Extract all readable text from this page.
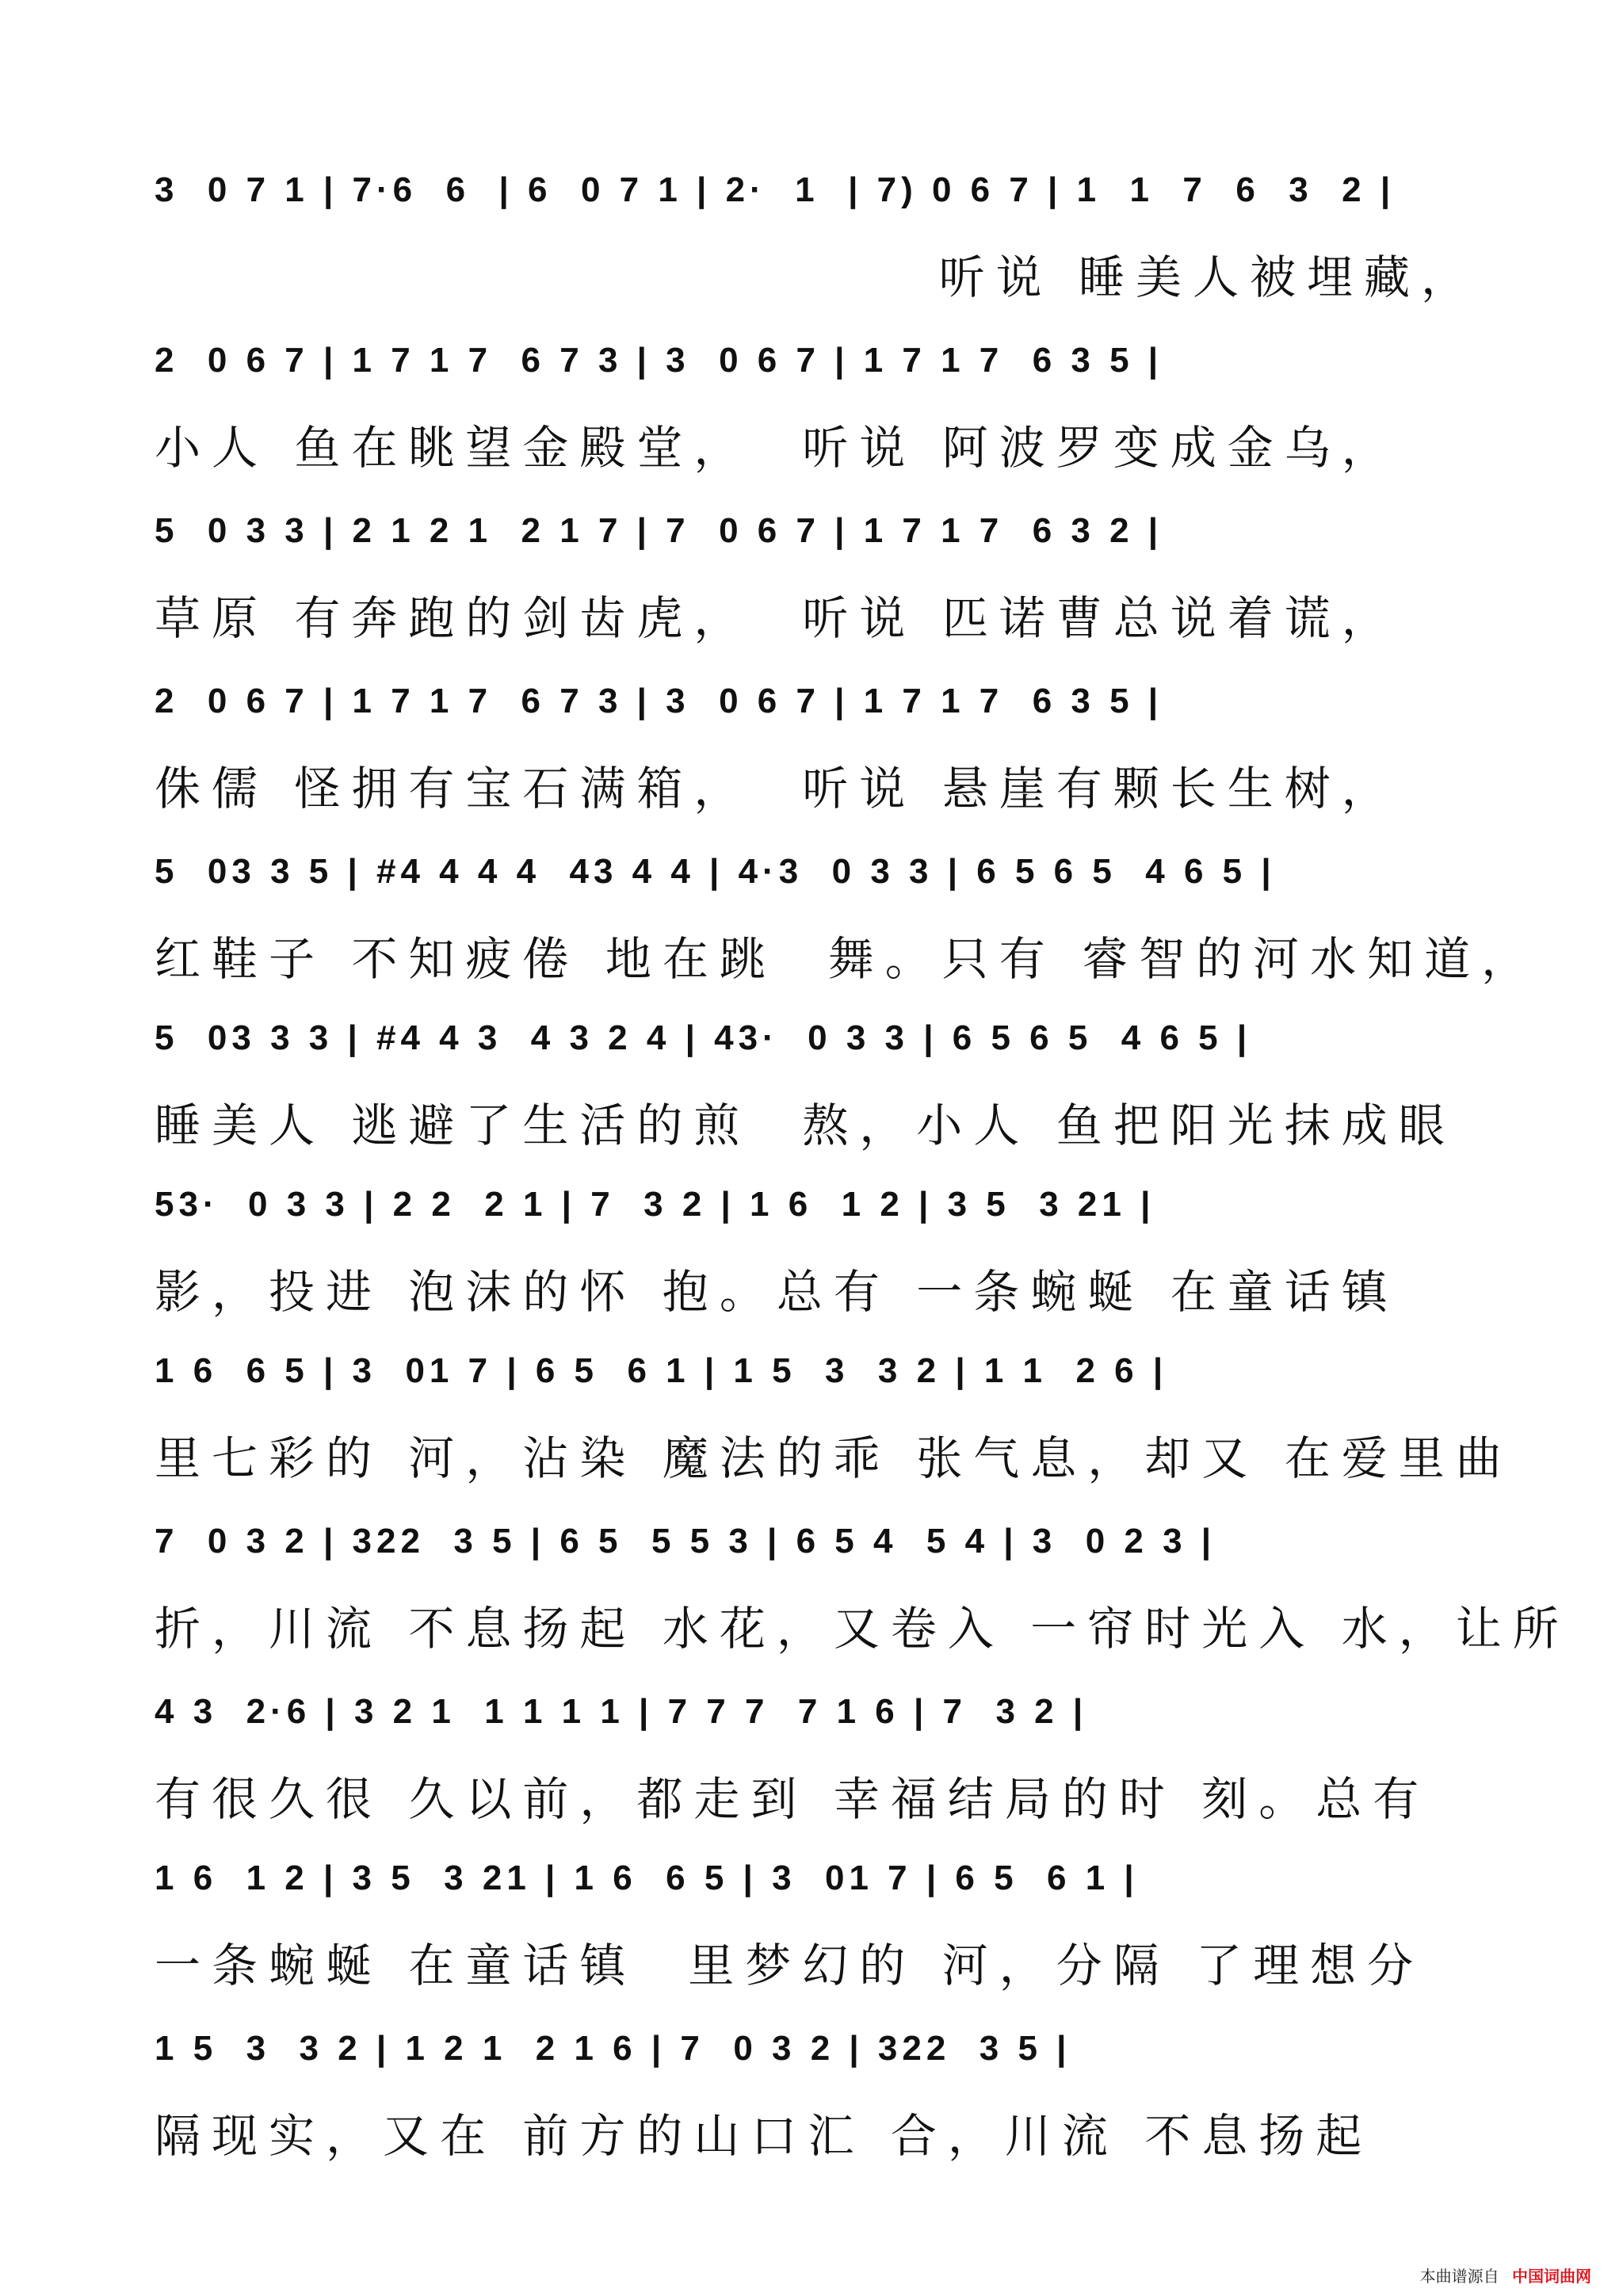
3  0 7 1 | 7·6  6  | 6  0 7 1 | 2·  1  | 7) 0 6 7 | 1  1  7  6  3  2 |
听说 睡美人被埋藏，
2  0 6 7 | 1 7 1 7  6 7 3 | 3  0 6 7 | 1 7 1 7  6 3 5 |
小人 鱼在眺望金殿堂，  听说 阿波罗变成金乌，
5  0 3 3 | 2 1 2 1  2 1 7 | 7  0 6 7 | 1 7 1 7  6 3 2 |
草原 有奔跑的剑齿虎，  听说 匹诺曹总说着谎，
2  0 6 7 | 1 7 1 7  6 7 3 | 3  0 6 7 | 1 7 1 7  6 3 5 |
侏儒 怪拥有宝石满箱，  听说 悬崖有颗长生树，
5  03 3 5 | #4 4 4 4  43 4 4 | 4·3  0 3 3 | 6 5 6 5  4 6 5 |
红鞋子 不知疲倦 地在跳  舞。只有 睿智的河水知道，
5  03 3 3 | #4 4 3  4 3 2 4 | 43·  0 3 3 | 6 5 6 5  4 6 5 |
睡美人 逃避了生活的煎  熬，小人 鱼把阳光抹成眼
53·  0 3 3 | 2 2  2 1 | 7  3 2 | 1 6  1 2 | 3 5  3 21 |
影，投进 泡沫的怀 抱。总有 一条蜿蜒 在童话镇
1 6  6 5 | 3  01 7 | 6 5  6 1 | 1 5  3  3 2 | 1 1  2 6 |
里七彩的 河，沾染 魔法的乖 张气息，却又 在爱里曲
7  0 3 2 | 322  3 5 | 6 5  5 5 3 | 6 5 4  5 4 | 3  0 2 3 |
折，川流 不息扬起 水花，又卷入 一帘时光入 水，让所
4 3  2·6 | 3 2 1  1 1 1 1 | 7 7 7  7 1 6 | 7  3 2 |
有很久很 久以前，都走到 幸福结局的时 刻。总有
1 6  1 2 | 3 5  3 21 | 1 6  6 5 | 3  01 7 | 6 5  6 1 |
一条蜿蜒 在童话镇  里梦幻的 河，分隔 了理想分
1 5  3  3 2 | 1 2 1  2 1 6 | 7  0 3 2 | 322  3 5 |
隔现实，又在 前方的山口汇 合，川流 不息扬起
本曲谱源自 中国词曲网
